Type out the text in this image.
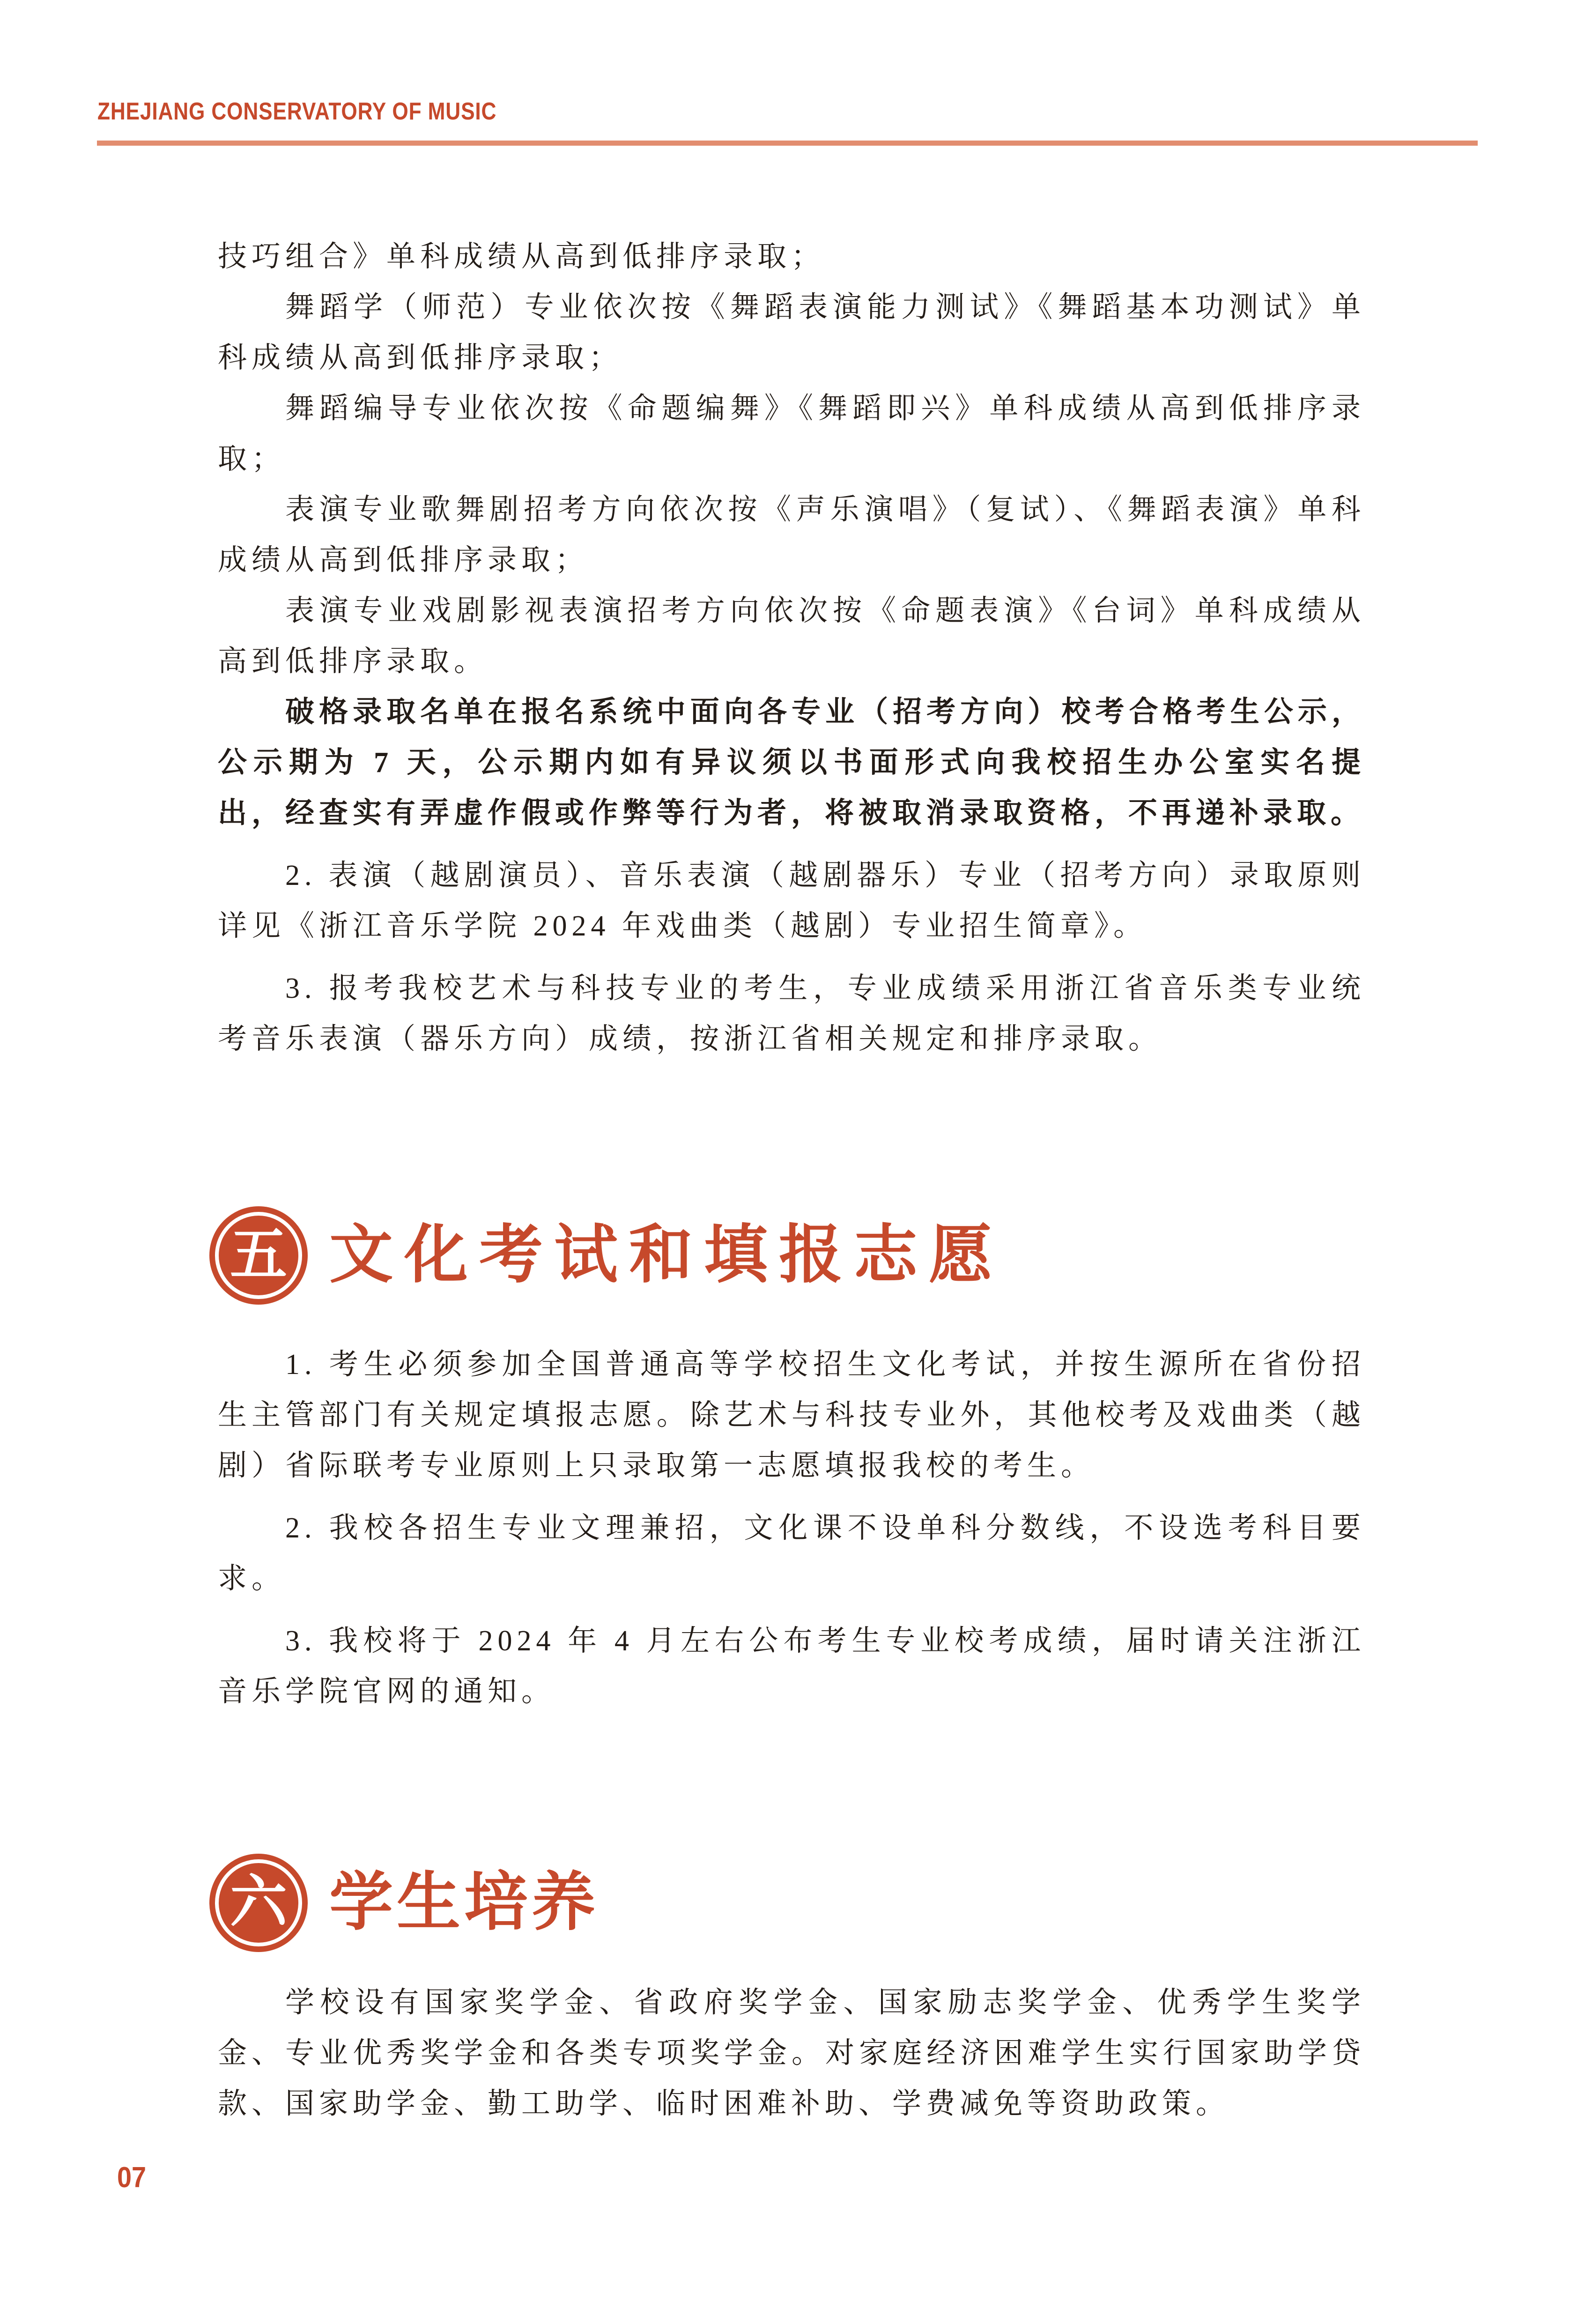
ZHEJIANG CONSERVATORY OF MUSIC

技巧组合》单科成绩从高到低排序录取；

舞蹈学（师范）专业依次按《舞蹈表演能力测试》《舞蹈基本功测试》单科成绩从高到低排序录取；

舞蹈编导专业依次按《命题编舞》《舞蹈即兴》单科成绩从高到低排序录取；

表演专业歌舞剧招考方向依次按《声乐演唱》（复试）、《舞蹈表演》单科成绩从高到低排序录取；

表演专业戏剧影视表演招考方向依次按《命题表演》《台词》单科成绩从高到低排序录取。

破格录取名单在报名系统中面向各专业（招考方向）校考合格考生公示，公示期为 7 天，公示期内如有异议须以书面形式向我校招生办公室实名提出，经查实有弄虚作假或作弊等行为者，将被取消录取资格，不再递补录取。

2. 表演（越剧演员）、音乐表演（越剧器乐）专业（招考方向）录取原则详见《浙江音乐学院 2024 年戏曲类（越剧）专业招生简章》。

3. 报考我校艺术与科技专业的考生，专业成绩采用浙江省音乐类专业统考音乐表演（器乐方向）成绩，按浙江省相关规定和排序录取。

五 文化考试和填报志愿

1. 考生必须参加全国普通高等学校招生文化考试，并按生源所在省份招生主管部门有关规定填报志愿。除艺术与科技专业外，其他校考及戏曲类（越剧）省际联考专业原则上只录取第一志愿填报我校的考生。

2. 我校各招生专业文理兼招，文化课不设单科分数线，不设选考科目要求。

3. 我校将于 2024 年 4 月左右公布考生专业校考成绩，届时请关注浙江音乐学院官网的通知。

六 学生培养

学校设有国家奖学金、省政府奖学金、国家励志奖学金、优秀学生奖学金、专业优秀奖学金和各类专项奖学金。对家庭经济困难学生实行国家助学贷款、国家助学金、勤工助学、临时困难补助、学费减免等资助政策。

07
